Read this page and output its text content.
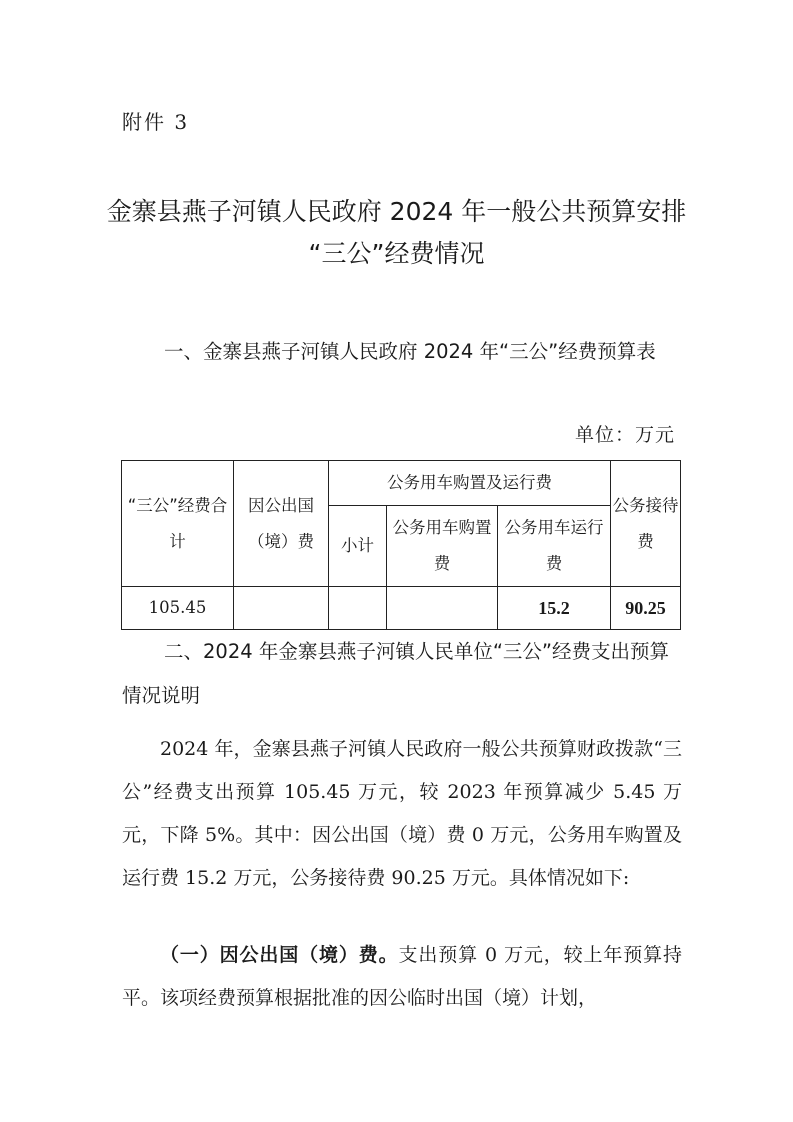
附件 3
金寨县燕子河镇人民政府 2024 年一般公共预算安排
“三公”经费情况
一、金寨县燕子河镇人民政府 2024 年“三公”经费预算表
单位：万元
“三公”经费合计	因公出国（境）费	公务用车购置及运行费			公务接待费
		小计	公务用车购置费	公务用车运行费	
105.45				15.2	90.25
二、2024 年金寨县燕子河镇人民单位“三公”经费支出预算情况说明
2024 年，金寨县燕子河镇人民政府一般公共预算财政拨款“三公”经费支出预算 105.45 万元，较 2023 年预算减少 5.45 万元，下降 5%。其中：因公出国（境）费 0 万元，公务用车购置及运行费 15.2 万元，公务接待费 90.25 万元。具体情况如下:
（一）因公出国（境）费。支出预算 0 万元，较上年预算持平。该项经费预算根据批准的因公临时出国（境）计划，
